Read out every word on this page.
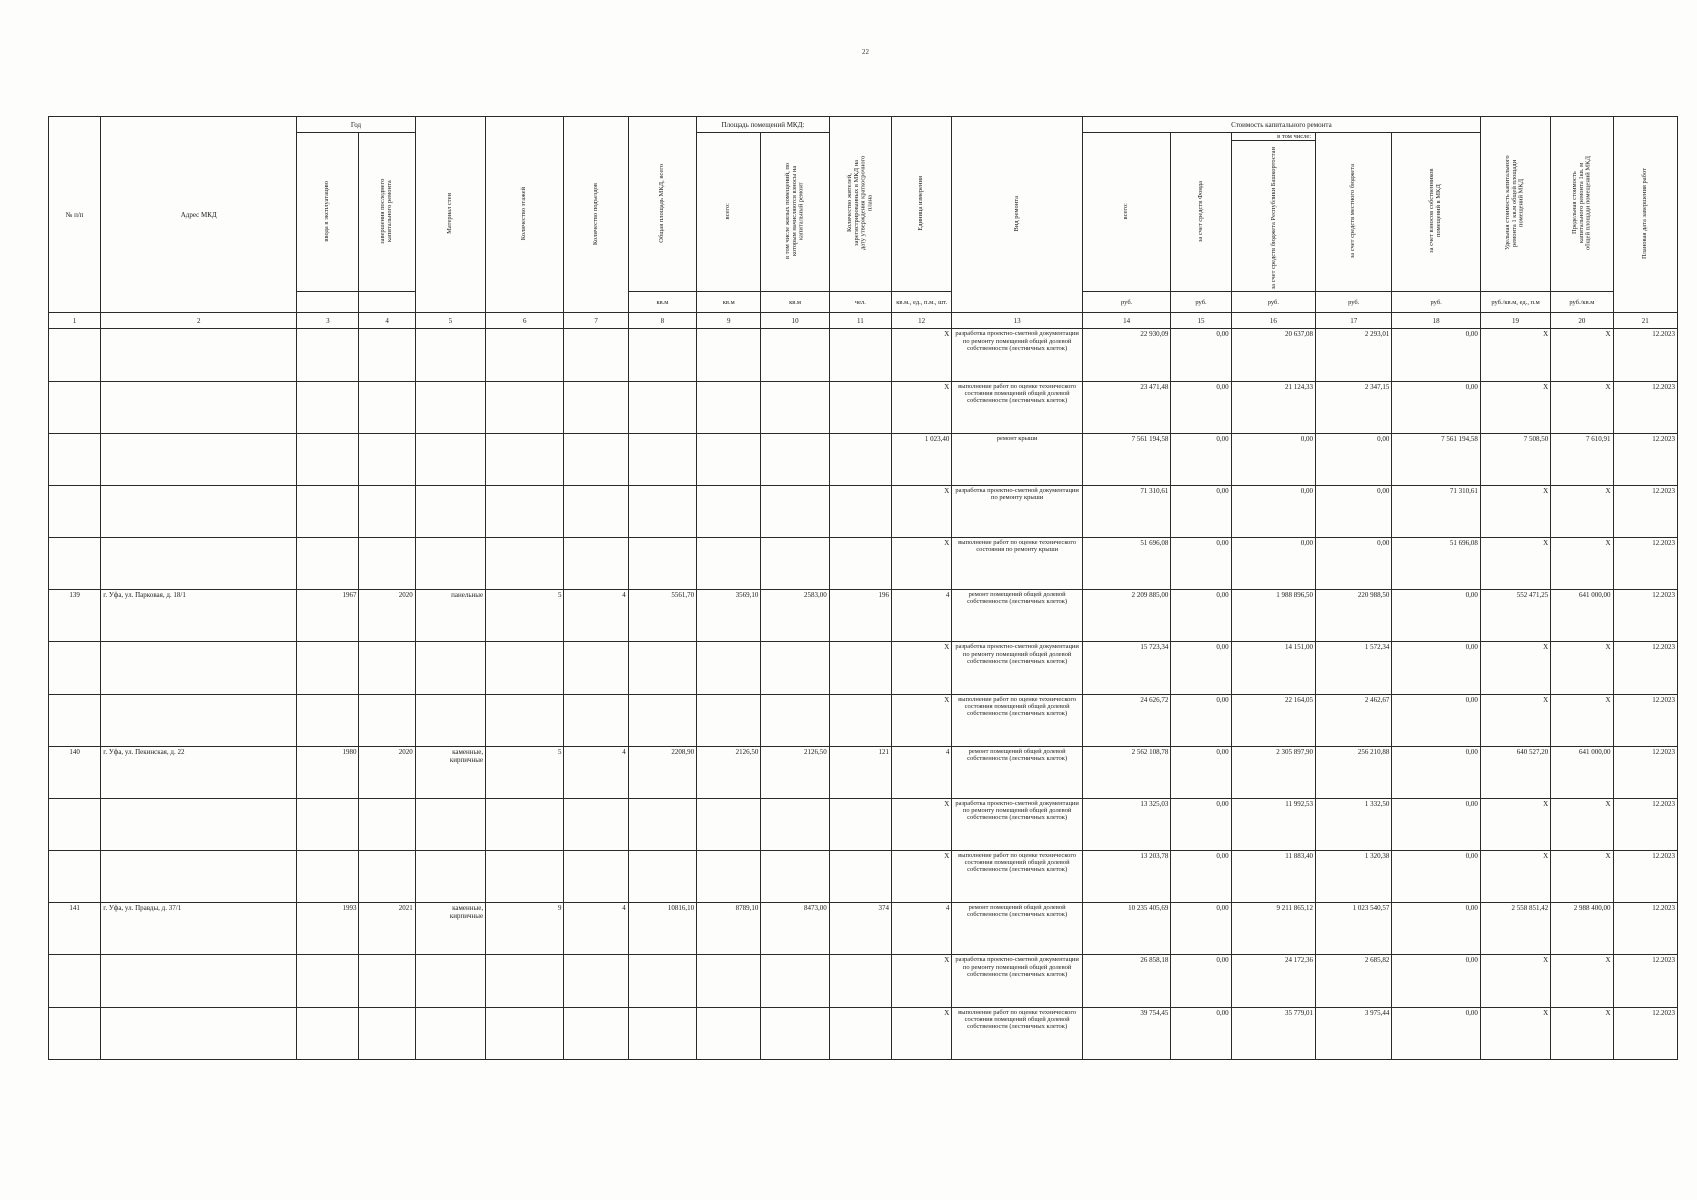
22
№ п/п	Адрес МКД	Год		Материал стен	Количество этажей	Количество подъездов	Общая площадь МКД, всего	Площадь помещений МКД:		Количество жителей, зарегистрированных в МКД на дату утверждения краткосрочного плана	Единица измерения	Вид ремонта	Стоимость капитального ремонта					Удельная стоимость капитального ремонта 1 кв.м общей площади помещений МКД	Предельная стоимость капитального ремонта 1кв. м общей площади помещений МКД	Плановая дата завершения работ
		ввода в эксплуатацию	завершения последнего капитального ремонта					всего:	в том числе жилых помещений, по которым начисляются взносы на капитальный ремонт				всего:	за счет средств Фонда	в том числе:
за счет средств бюджета Республики Башкортостан	за счет средств местного бюджета	за счет взносов собственников помещений в МКД			
							кв.м	кв.м	кв.м	чел.	кв.м., ед., п.м., шт.		руб.	руб.	руб.	руб.	руб.	руб./кв.м, ед., п.м	руб./кв.м	
1	2	3	4	5	6	7	8	9	10	11	12	13	14	15	16	17	18	19	20	21
											X	разработка проектно-сметной документации по ремонту помещений общей долевой собственности (лестничных клеток)	22 930,09	0,00	20 637,08	2 293,01	0,00	X	X	12.2023
											X	выполнение работ по оценке технического состояния помещений общей долевой собственности (лестничных клеток)	23 471,48	0,00	21 124,33	2 347,15	0,00	X	X	12.2023
											1 023,40	ремонт крыши	7 561 194,58	0,00	0,00	0,00	7 561 194,58	7 508,50	7 610,91	12.2023
											X	разработка проектно-сметной документации по ремонту крыши	71 310,61	0,00	0,00	0,00	71 310,61	X	X	12.2023
											X	выполнение работ по оценке технического состояния по ремонту крыши	51 696,08	0,00	0,00	0,00	51 696,08	X	X	12.2023
139	г. Уфа, ул. Парковая, д. 18/1	1967	2020	панельные	5	4	5561,70	3569,10	2583,00	196	4	ремонт помещений общей долевой собственности (лестничных клеток)	2 209 885,00	0,00	1 988 896,50	220 988,50	0,00	552 471,25	641 000,00	12.2023
											X	разработка проектно-сметной документации по ремонту помещений общей долевой собственности (лестничных клеток)	15 723,34	0,00	14 151,00	1 572,34	0,00	X	X	12.2023
											X	выполнение работ по оценке технического состояния помещений общей долевой собственности (лестничных клеток)	24 626,72	0,00	22 164,05	2 462,67	0,00	X	X	12.2023
140	г. Уфа, ул. Пекинская, д. 22	1980	2020	каменные, кирпичные	5	4	2208,90	2126,50	2126,50	121	4	ремонт помещений общей долевой собственности (лестничных клеток)	2 562 108,78	0,00	2 305 897,90	256 210,88	0,00	640 527,20	641 000,00	12.2023
											X	разработка проектно-сметной документации по ремонту помещений общей долевой собственности (лестничных клеток)	13 325,03	0,00	11 992,53	1 332,50	0,00	X	X	12.2023
											X	выполнение работ по оценке технического состояния помещений общей долевой собственности (лестничных клеток)	13 203,78	0,00	11 883,40	1 320,38	0,00	X	X	12.2023
141	г. Уфа, ул. Правды, д. 37/1	1993	2021	каменные, кирпичные	9	4	10816,10	8789,10	8473,00	374	4	ремонт помещений общей долевой собственности (лестничных клеток)	10 235 405,69	0,00	9 211 865,12	1 023 540,57	0,00	2 558 851,42	2 988 400,00	12.2023
											X	разработка проектно-сметной документации по ремонту помещений общей долевой собственности (лестничных клеток)	26 858,18	0,00	24 172,36	2 685,82	0,00	X	X	12.2023
											X	выполнение работ по оценке технического состояния помещений общей долевой собственности (лестничных клеток)	39 754,45	0,00	35 779,01	3 975,44	0,00	X	X	12.2023
